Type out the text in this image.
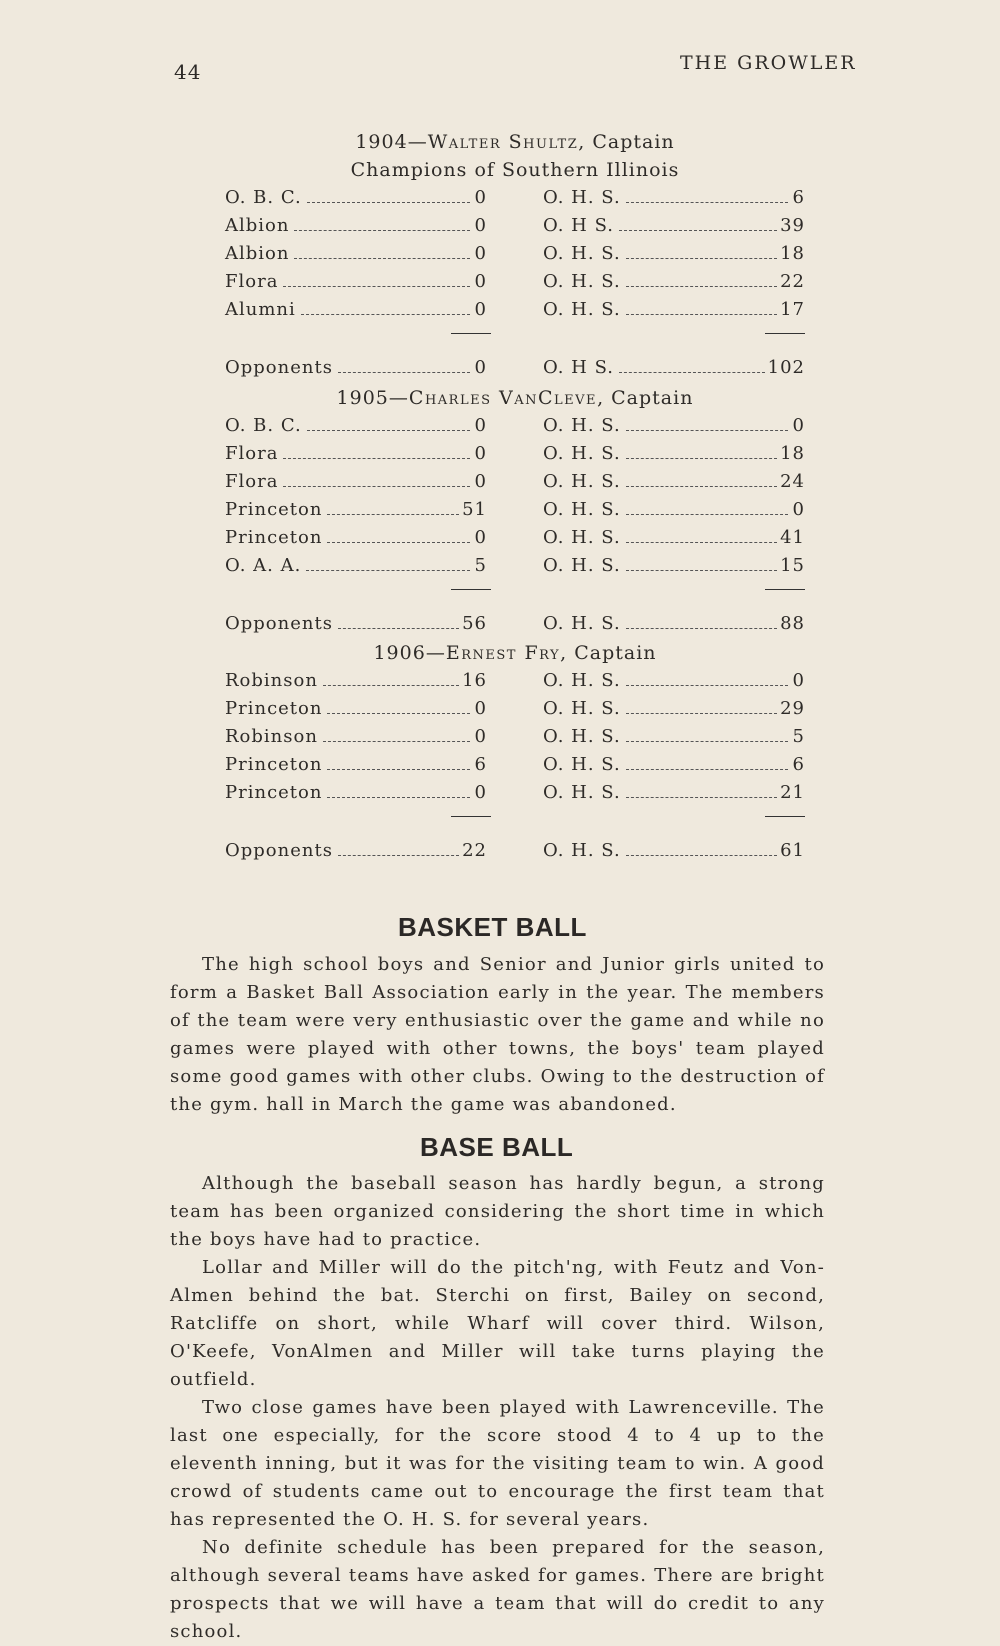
44	THE GROWLER
1904—Walter Shultz, Captain
Champions of Southern Illinois
O. B. C.	0	O. H. S.	6
Albion	0	O. H S.	39
Albion	0	O. H. S.	18
Flora	0	O. H. S.	22
Alumni	0	O. H. S.	17
Opponents	0	O. H S.	102
1905—Charles VanCleve, Captain
O. B. C.	0	O. H. S.	0
Flora	0	O. H. S.	18
Flora	0	O. H. S.	24
Princeton	51	O. H. S.	0
Princeton	0	O. H. S.	41
O. A. A.	5	O. H. S.	15
Opponents	56	O. H. S.	88
1906—Ernest Fry, Captain
Robinson	16	O. H. S.	0
Princeton	0	O. H. S.	29
Robinson	0	O. H. S.	5
Princeton	6	O. H. S.	6
Princeton	0	O. H. S.	21
Opponents	22	O. H. S.	61
BASKET BALL

The high school boys and Senior and Junior girls united to form a Basket Ball Association early in the year. The members of the team were very enthusiastic over the game and while no games were played with other towns, the boys' team played some good games with other clubs. Owing to the destruction of the gym. hall in March the game was abandoned.

BASE BALL

Although the baseball season has hardly begun, a strong team has been organized considering the short time in which the boys have had to practice.

Lollar and Miller will do the pitch'ng, with Feutz and Von-Almen behind the bat. Sterchi on first, Bailey on second, Ratcliffe on short, while Wharf will cover third. Wilson, O'Keefe, VonAlmen and Miller will take turns playing the outfield.

Two close games have been played with Lawrenceville. The last one especially, for the score stood 4 to 4 up to the eleventh inning, but it was for the visiting team to win. A good crowd of students came out to encourage the first team that has represented the O. H. S. for several years.

No definite schedule has been prepared for the season, although several teams have asked for games. There are bright prospects that we will have a team that will do credit to any school.
